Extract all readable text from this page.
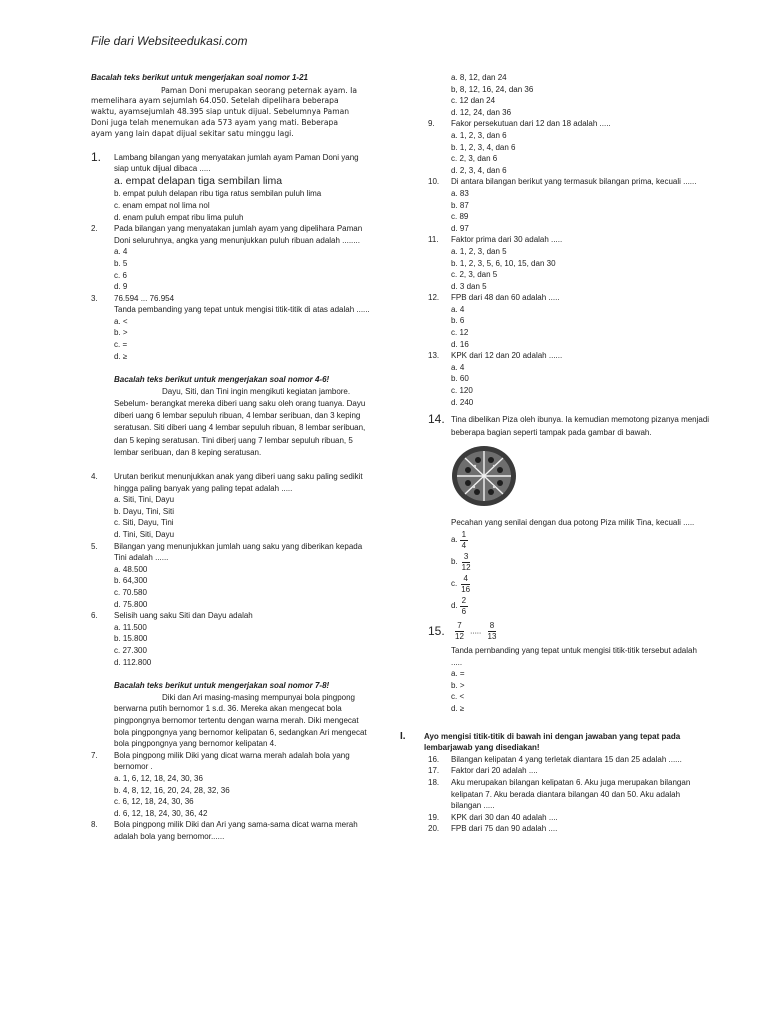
File dari Websiteedukasi.com
Bacalah teks berikut untuk mengerjakan soal nomor 1-21
Paman Doni merupakan seorang peternak ayam. Ia memelihara ayam sejumlah 64.050. Setelah dipelihara beberapa waktu, ayamsejumlah 48.395 siap untuk dijual. Sebelumnya Paman Doni juga telah menemukan ada 573 ayam yang mati. Beberapa ayam yang lain dapat dijual sekitar satu minggu lagi.
1.	Lambang bilangan yang menyatakan jumlah ayam Paman Doni yang siap untuk dijual dibaca .....
a. empat delapan tiga sembilan lima
b. empat puluh delapan ribu tiga ratus sembilan puluh lima
c. enam empat nol lima nol
d. enam puluh empat ribu lima puluh
2.	Pada bilangan yang menyatakan jumlah ayam yang dipelihara Paman Doni seluruhnya, angka yang menunjukkan puluh ribuan adalah ........
a. 4
b. 5
c. 6
d. 9
3.	76.594 ... 76.954
Tanda pembanding yang tepat untuk mengisi titik-titik di atas adalah ......
a. <
b. >
c. =
d. ≥
Bacalah teks berikut untuk mengerjakan soal nomor 4-6!
Dayu, Siti, dan Tini ingin mengikuti kegiatan jambore. Sebelum- berangkat mereka diberi uang saku oleh orang tuanya. Dayu diberi uang 6 lembar sepuluh ribuan, 4 lembar seribuan, dan 3 keping seratusan. Siti diberi uang 4 lembar sepuluh ribuan, 8 lembar seribuan, dan 5 keping seratusan. Tini diberj uang 7 lembar sepuluh ribuan, 5 lembar seribuan, dan 8 keping seratusan.
4.	Urutan berikut menunjukkan anak yang diberi uang saku paling sedikit hingga paling banyak yang paling tepat adalah .....
a. Siti, Tini, Dayu
b. Dayu, Tini, Siti
c. Siti, Dayu, Tini
d. Tini, Siti, Dayu
5.	Bilangan yang menunjukkan jumlah uang saku yang diberikan kepada Tini adalah ......
a. 48.500
b. 64,300
c. 70.580
d. 75.800
6.	Selisih uang saku Siti dan Dayu adalah
a. 11.500
b. 15.800
c. 27.300
d. 112.800
Bacalah teks berikut untuk mengerjakan soal nomor 7-8!
Diki dan Ari masing-masing mempunyai bola pingpong berwarna putih bernomor 1 s.d. 36. Mereka akan mengecat bola pingpongnya bernomor tertentu dengan warna merah. Diki mengecat bola pingpongnya yang bernomor kelipatan 6, sedangkan Ari mengecat bola pingpongnya yang bernomor kelipatan 4.
7.	Bola pingpong milik Diki yang dicat warna merah adalah bola yang bernomor .
a. 1, 6, 12, 18, 24, 30, 36
b. 4, 8, 12, 16, 20, 24, 28, 32, 36
c. 6, 12, 18, 24, 30, 36
d. 6, 12, 18, 24, 30, 36, 42
8.	Bola pingpong milik Diki dan Ari yang sama-sama dicat warna merah adalah bola yang bernomor......
a. 8, 12, dan 24
b, 8, 12, 16, 24, dan 36
c. 12 dan 24
d. 12, 24, dan 36
9.	Fakor persekutuan dari 12 dan 18 adalah .....
a. 1, 2, 3, dan 6
b. 1, 2, 3, 4, dan 6
c. 2, 3, dan 6
d. 2, 3, 4, dan 6
10.	Di antara bilangan berikut yang termasuk bilangan prima, kecuali ......
a. 83
b. 87
c. 89
d. 97
11.	Faktor prima dari 30 adalah .....
a. 1, 2, 3, dan 5
b. 1, 2, 3, 5, 6, 10, 15, dan 30
c. 2, 3, dan 5
d. 3 dan 5
12.	FPB dari 48 dan 60 adalah .....
a. 4
b. 6
c. 12
d. 16
13.	KPK dari 12 dan 20 adalah ......
a. 4
b. 60
c. 120
d. 240
14. Tina dibelikan Piza oleh ibunya. Ia kemudian memotong pizanya menjadi beberapa bagian seperti tampak pada gambar di bawah.
Pecahan yang senilai dengan dua potong Piza milik Tina, kecuali .....
a. $\frac{1}{4}$
b. $\frac{3}{12}$
c. $\frac{4}{16}$
d. $\frac{2}{6}$
15.	$\frac{7}{12}$ ..... $\frac{8}{13}$
Tanda pernbanding yang tepat untuk mengisi titik-titik tersebut adalah .....
a. =
b. >
c. <
d. ≥
I.	Ayo mengisi titik-titik di bawah ini dengan jawaban yang tepat pada lembarjawab yang disediakan!
16.	Bilangan kelipatan 4 yang terletak diantara 15 dan 25 adalah ......
17.	Faktor dari 20 adalah ....
18.	Aku merupakan bilangan kelipatan 6. Aku juga merupakan bilangan kelipatan 7. Aku berada diantara bilangan 40 dan 50. Aku adalah bilangan .....
19.	KPK dari 30 dan 40 adalah ....
20.	FPB dari 75 dan 90 adalah ....
